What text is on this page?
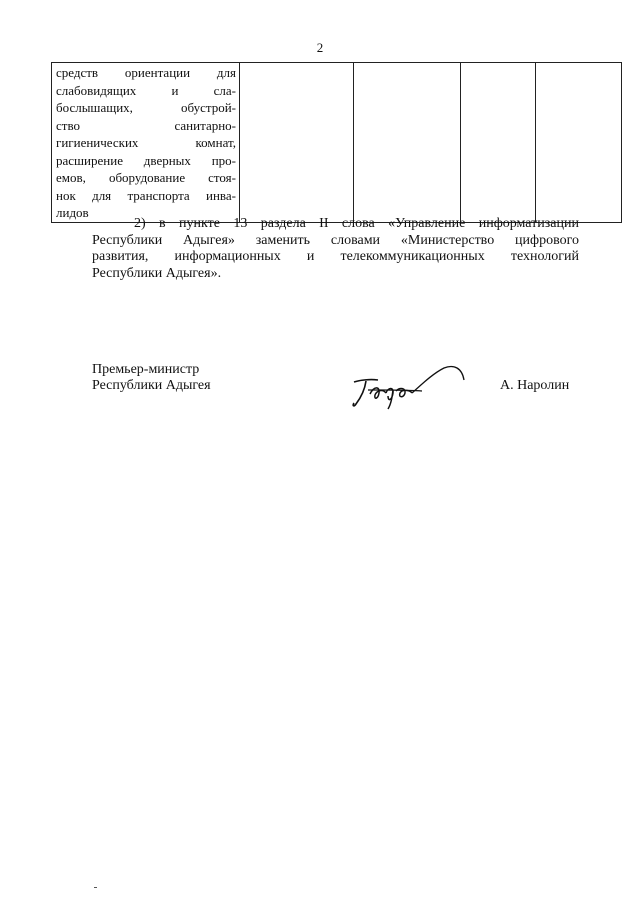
2
средств ориентации для
слабовидящих и сла-
бослышащих, обустрой-
ство санитарно-
гигиенических комнат,
расширение дверных про-
емов, оборудование стоя-
нок для транспорта инва-
лидов

2) в пункте 13 раздела II слова «Управление информатизации
Республики Адыгея» заменить словами «Министерство цифрового
развития, информационных и телекоммуникационных технологий
Республики Адыгея».
Премьер-министр
Республики Адыгея	А. Наролин
